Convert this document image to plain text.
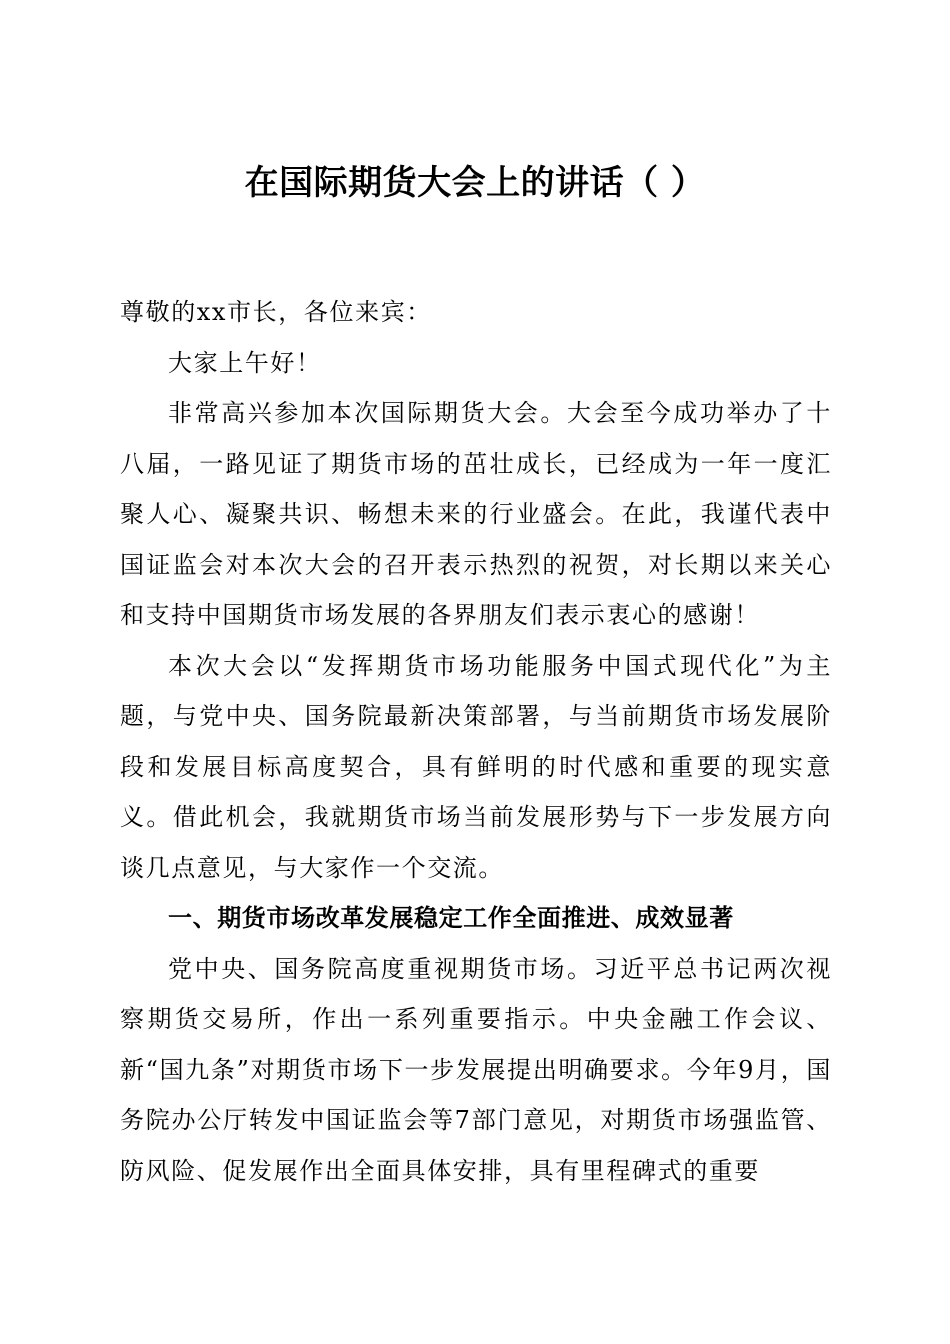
在国际期货大会上的讲话（ ）

尊敬的xx市长，各位来宾：

大家上午好！

非常高兴参加本次国际期货大会。大会至今成功举办了十八届，一路见证了期货市场的茁壮成长，已经成为一年一度汇聚人心、凝聚共识、畅想未来的行业盛会。在此，我谨代表中国证监会对本次大会的召开表示热烈的祝贺，对长期以来关心和支持中国期货市场发展的各界朋友们表示衷心的感谢！

本次大会以“发挥期货市场功能服务中国式现代化”为主题，与党中央、国务院最新决策部署，与当前期货市场发展阶段和发展目标高度契合，具有鲜明的时代感和重要的现实意义。借此机会，我就期货市场当前发展形势与下一步发展方向谈几点意见，与大家作一个交流。

一、期货市场改革发展稳定工作全面推进、成效显著

党中央、国务院高度重视期货市场。习近平总书记两次视察期货交易所，作出一系列重要指示。中央金融工作会议、新“国九条”对期货市场下一步发展提出明确要求。今年9月，国务院办公厅转发中国证监会等7部门意见，对期货市场强监管、防风险、促发展作出全面具体安排，具有里程碑式的重要
